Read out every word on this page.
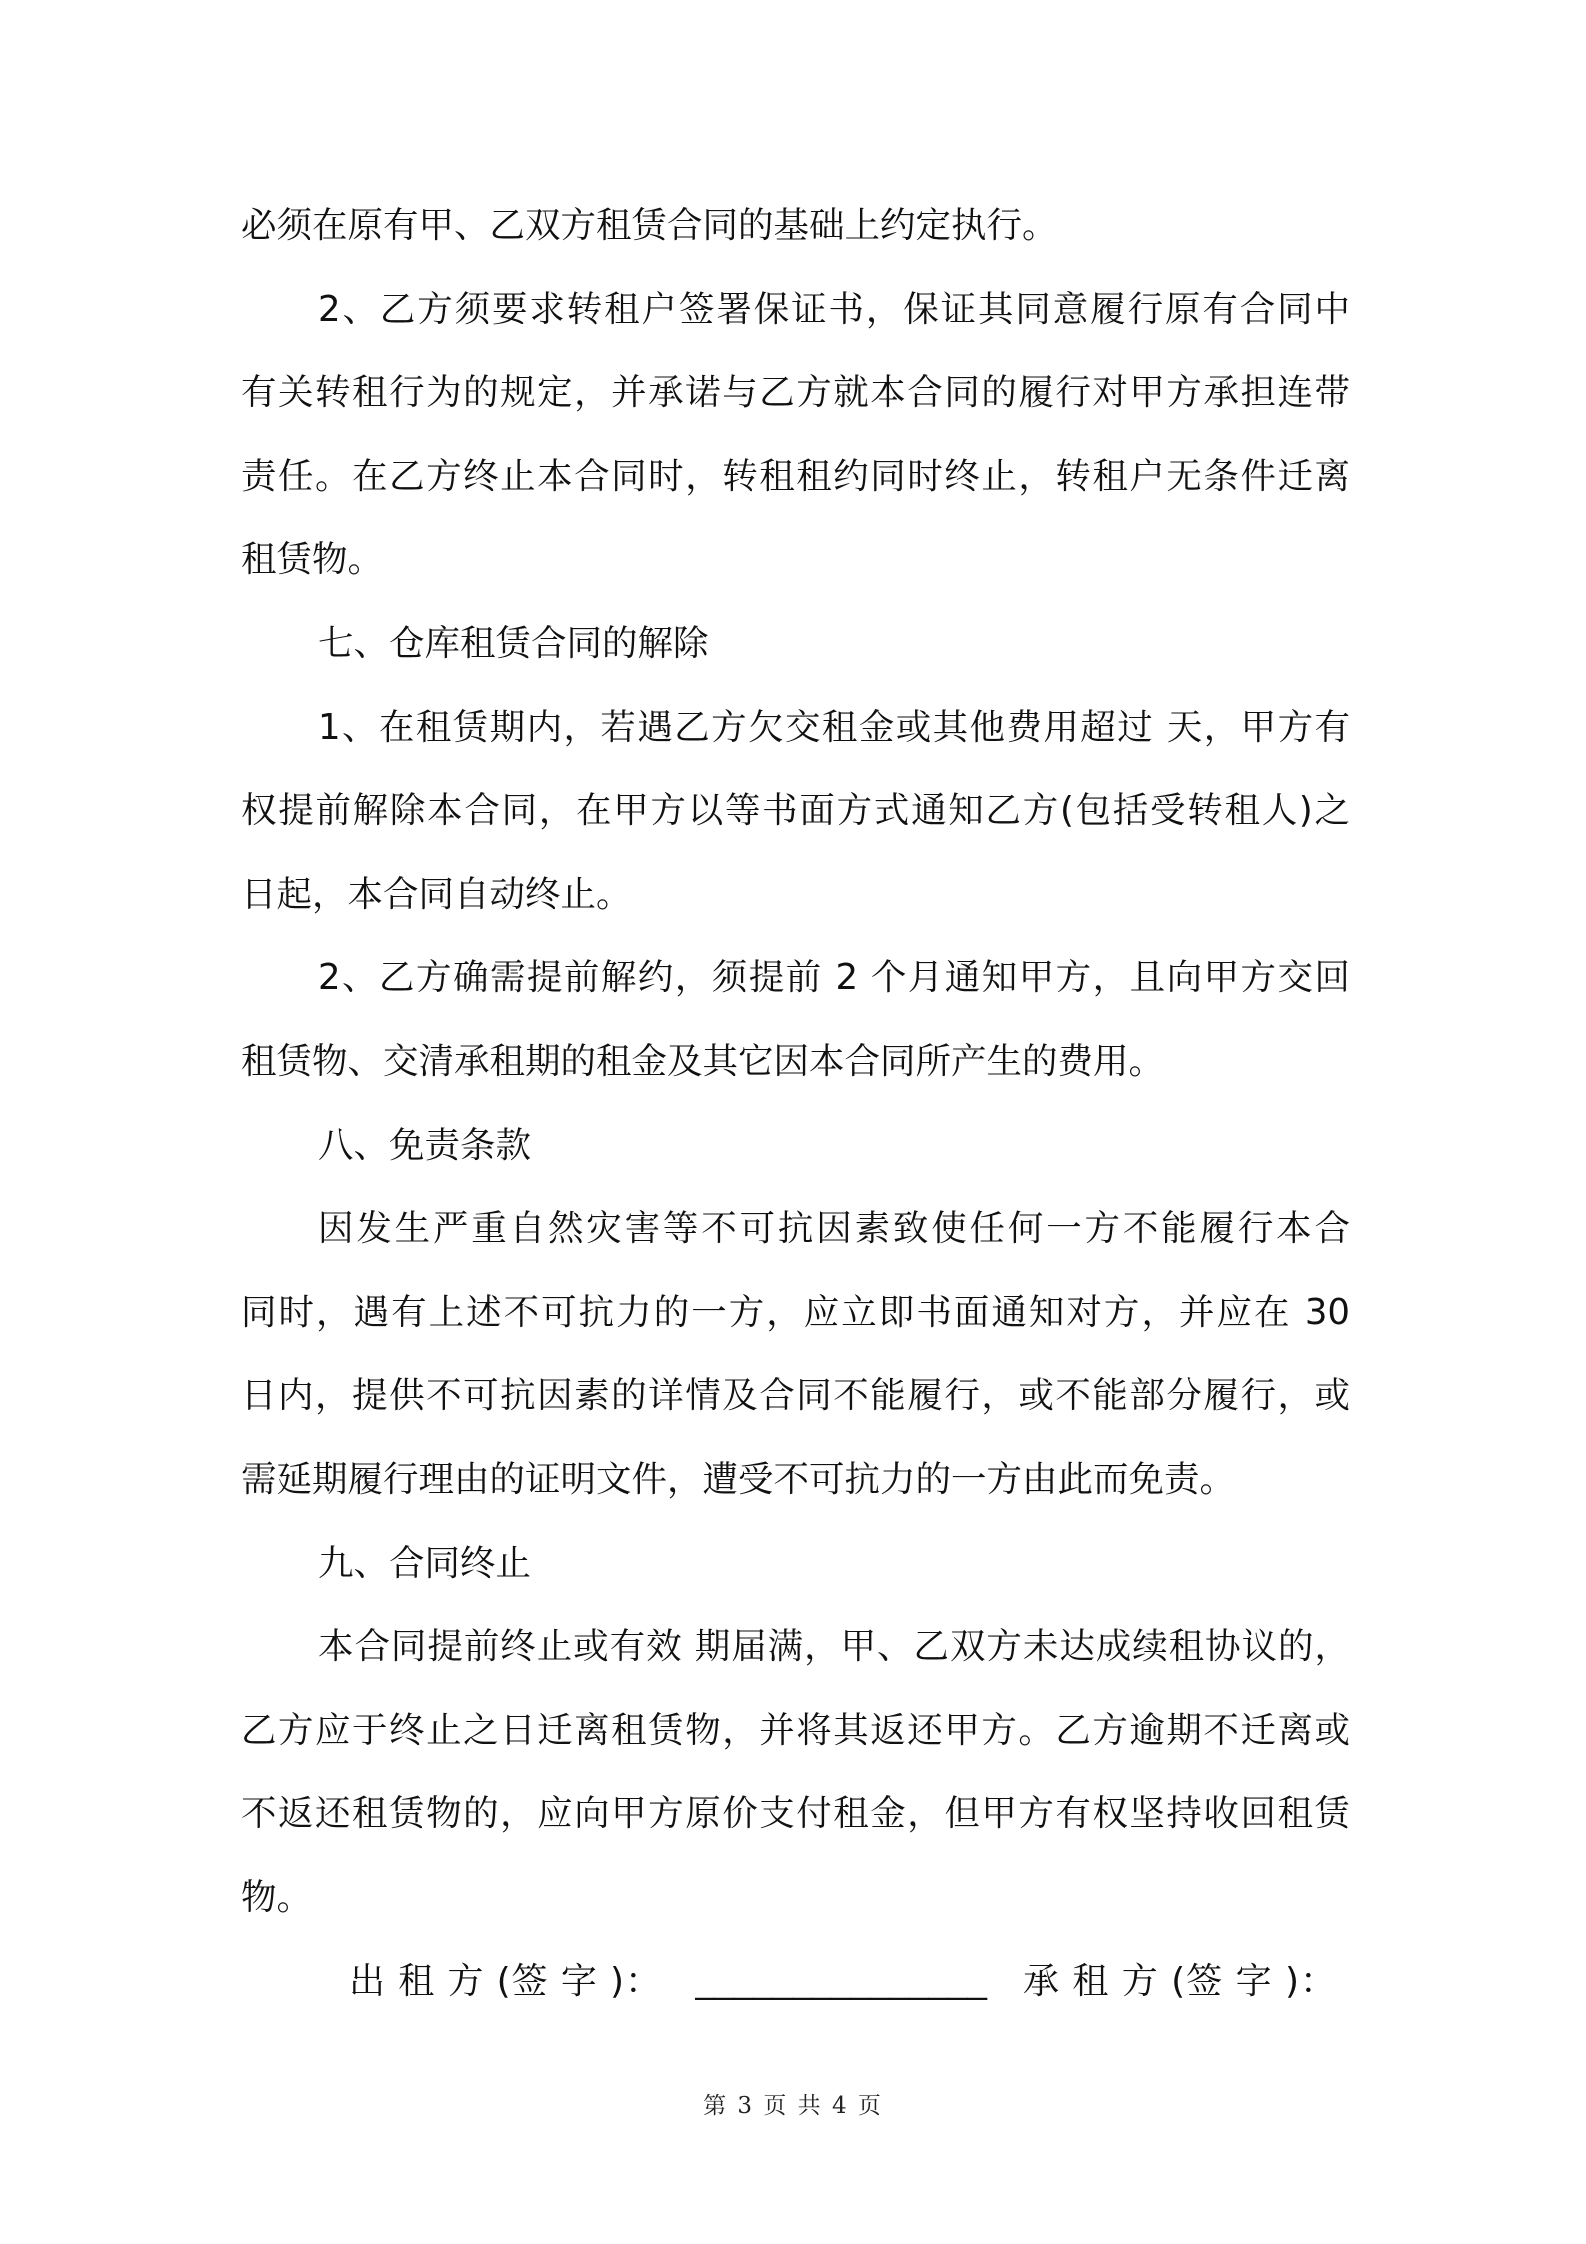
必须在原有甲、乙双方租赁合同的基础上约定执行。
2、乙方须要求转租户签署保证书，保证其同意履行原有合同中
有关转租行为的规定，并承诺与乙方就本合同的履行对甲方承担连带
责任。在乙方终止本合同时，转租租约同时终止，转租户无条件迁离
租赁物。
七、仓库租赁合同的解除
1、在租赁期内，若遇乙方欠交租金或其他费用超过 天，甲方有
权提前解除本合同，在甲方以等书面方式通知乙方(包括受转租人)之
日起，本合同自动终止。
2、乙方确需提前解约，须提前 2 个月通知甲方，且向甲方交回
租赁物、交清承租期的租金及其它因本合同所产生的费用。
八、免责条款
因发生严重自然灾害等不可抗因素致使任何一方不能履行本合
同时，遇有上述不可抗力的一方，应立即书面通知对方，并应在 30
日内，提供不可抗因素的详情及合同不能履行，或不能部分履行，或
需延期履行理由的证明文件，遭受不可抗力的一方由此而免责。
九、合同终止
本合同提前终止或有效 期届满，甲、乙双方未达成续租协议的，
乙方应于终止之日迁离租赁物，并将其返还甲方。乙方逾期不迁离或
不返还租赁物的，应向甲方原价支付租金，但甲方有权坚持收回租赁
物。
出 租 方 (签 字 )： _______________ 承 租 方 (签 字 )：
第 3 页 共 4 页
